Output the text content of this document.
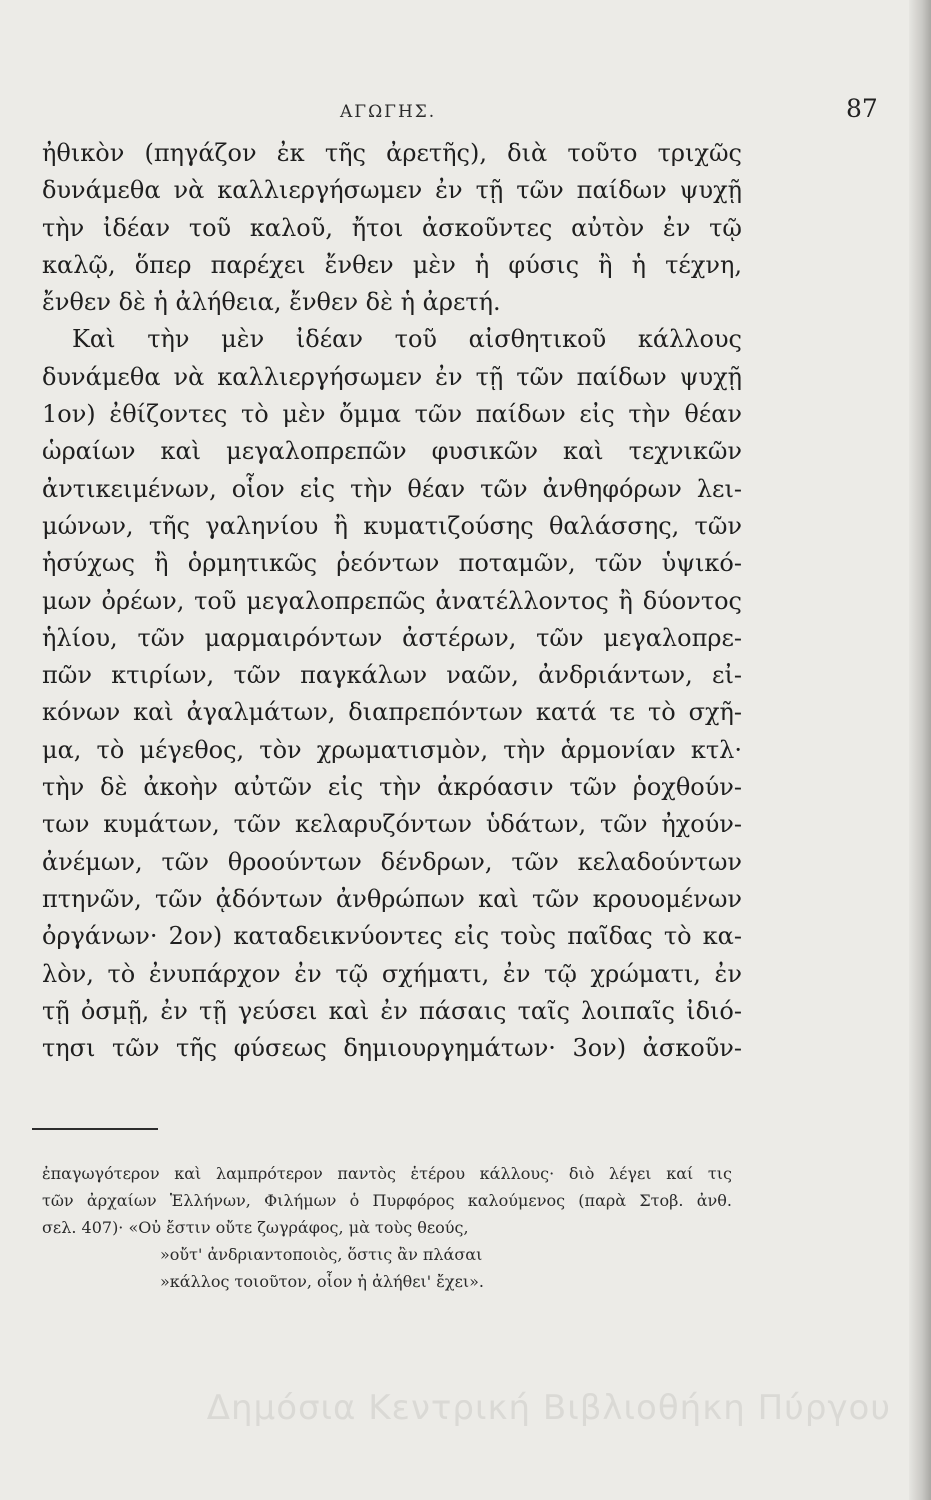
ΑΓΩΓΗΣ.	87
ἠθικὸν (πηγάζον ἐκ τῆς ἀρετῆς), διὰ τοῦτο τριχῶς
δυνάμεθα νὰ καλλιεργήσωμεν ἐν τῇ τῶν παίδων ψυχῇ
τὴν ἰδέαν τοῦ καλοῦ, ἤτοι ἀσκοῦντες αὐτὸν ἐν τῷ
καλῷ, ὅπερ παρέχει ἔνθεν μὲν ἡ φύσις ἢ ἡ τέχνη,
ἔνθεν δὲ ἡ ἀλήθεια, ἔνθεν δὲ ἡ ἀρετή.
Καὶ τὴν μὲν ἰδέαν τοῦ αἰσθητικοῦ κάλλους
δυνάμεθα νὰ καλλιεργήσωμεν ἐν τῇ τῶν παίδων ψυχῇ
1ον) ἐθίζοντες τὸ μὲν ὄμμα τῶν παίδων εἰς τὴν θέαν
ὡραίων καὶ μεγαλοπρεπῶν φυσικῶν καὶ τεχνικῶν
ἀντικειμένων, οἷον εἰς τὴν θέαν τῶν ἀνθηφόρων λει-
μώνων, τῆς γαληνίου ἢ κυματιζούσης θαλάσσης, τῶν
ἡσύχως ἢ ὁρμητικῶς ῥεόντων ποταμῶν, τῶν ὑψικό-
μων ὀρέων, τοῦ μεγαλοπρεπῶς ἀνατέλλοντος ἢ δύοντος
ἡλίου, τῶν μαρμαιρόντων ἀστέρων, τῶν μεγαλοπρε-
πῶν κτιρίων, τῶν παγκάλων ναῶν, ἀνδριάντων, εἰ-
κόνων καὶ ἀγαλμάτων, διαπρεπόντων κατά τε τὸ σχῆ-
μα, τὸ μέγεθος, τὸν χρωματισμὸν, τὴν ἁρμονίαν κτλ·
τὴν δὲ ἀκοὴν αὐτῶν εἰς τὴν ἀκρόασιν τῶν ῥοχθούν-
των κυμάτων, τῶν κελαρυζόντων ὑδάτων, τῶν ἠχούν-
ἀνέμων, τῶν θροούντων δένδρων, τῶν κελαδούντων
πτηνῶν, τῶν ᾀδόντων ἀνθρώπων καὶ τῶν κρουομένων
ὀργάνων· 2ον) καταδεικνύοντες εἰς τοὺς παῖδας τὸ κα-
λὸν, τὸ ἐνυπάρχον ἐν τῷ σχήματι, ἐν τῷ χρώματι, ἐν
τῇ ὀσμῇ, ἐν τῇ γεύσει καὶ ἐν πάσαις ταῖς λοιπαῖς ἰδιό-
τησι τῶν τῆς φύσεως δημιουργημάτων· 3ον) ἀσκοῦν-
ἐπαγωγότερον καὶ λαμπρότερον παντὸς ἑτέρου κάλλους· διὸ λέγει καί τις
τῶν ἀρχαίων Ἑλλήνων, Φιλήμων ὁ Πυρφόρος καλούμενος (παρὰ Στοβ. ἀνθ.
σελ. 407)· «Οὐ ἔστιν οὔτε ζωγράφος, μὰ τοὺς θεούς,
»οὔτ' ἀνδριαντοποιὸς, ὅστις ἂν πλάσαι
»κάλλος τοιοῦτον, οἷον ἡ ἀλήθει' ἔχει».
Δημόσια Κεντρική Βιβλιοθήκη Πύργου
